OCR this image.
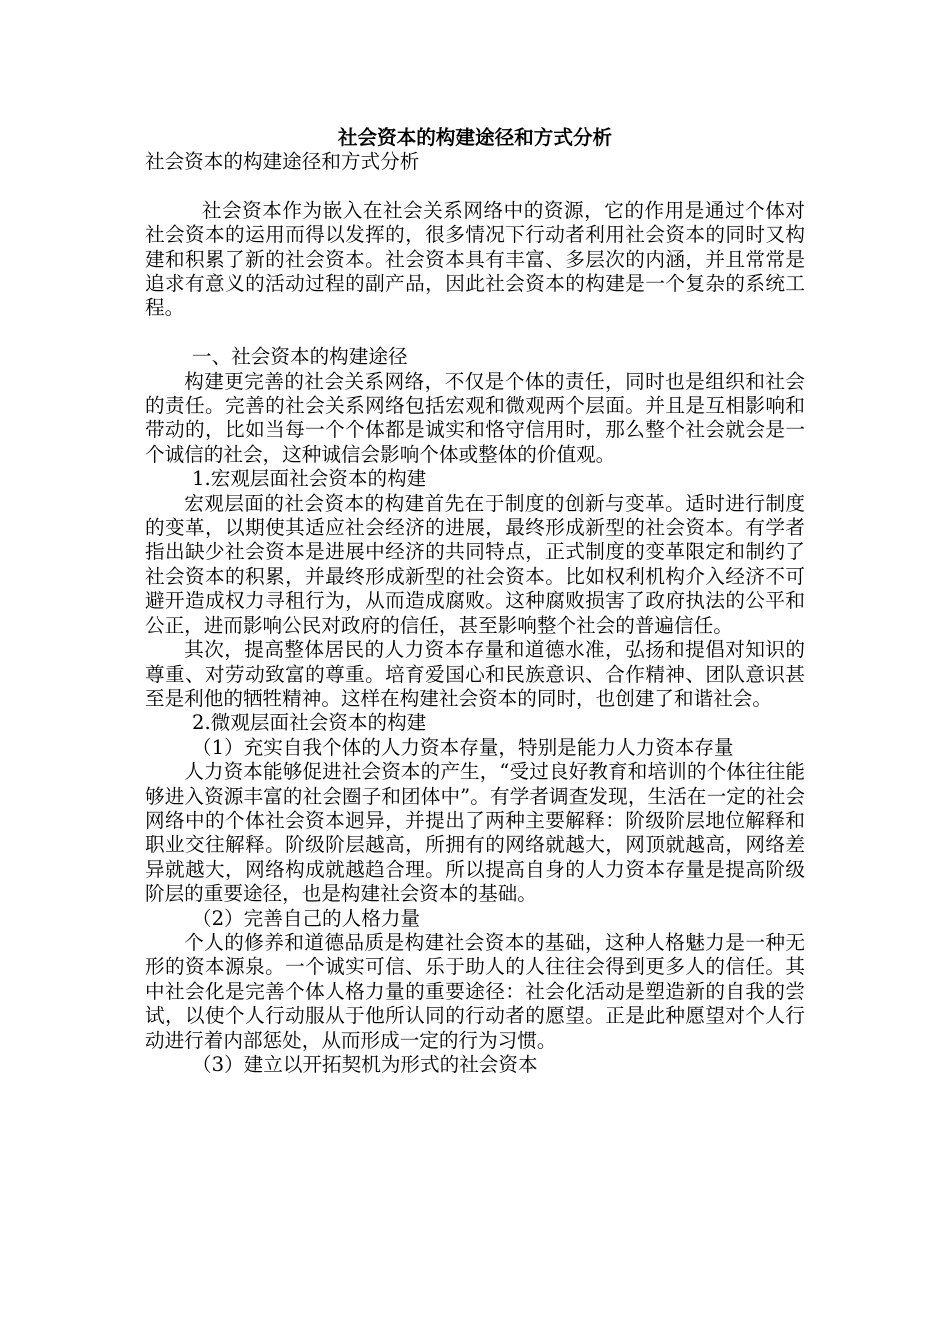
社会资本的构建途径和方式分析

社会资本的构建途径和方式分析

社会资本作为嵌入在社会关系网络中的资源，它的作用是通过个体对社会资本的运用而得以发挥的，很多情况下行动者利用社会资本的同时又构建和积累了新的社会资本。社会资本具有丰富、多层次的内涵，并且常常是追求有意义的活动过程的副产品，因此社会资本的构建是一个复杂的系统工程。

一、社会资本的构建途径

构建更完善的社会关系网络，不仅是个体的责任，同时也是组织和社会的责任。完善的社会关系网络包括宏观和微观两个层面。并且是互相影响和带动的，比如当每一个个体都是诚实和恪守信用时，那么整个社会就会是一个诚信的社会，这种诚信会影响个体或整体的价值观。

1.宏观层面社会资本的构建

宏观层面的社会资本的构建首先在于制度的创新与变革。适时进行制度的变革，以期使其适应社会经济的进展，最终形成新型的社会资本。有学者指出缺少社会资本是进展中经济的共同特点，正式制度的变革限定和制约了社会资本的积累，并最终形成新型的社会资本。比如权利机构介入经济不可避开造成权力寻租行为，从而造成腐败。这种腐败损害了政府执法的公平和公正，进而影响公民对政府的信任，甚至影响整个社会的普遍信任。

其次，提高整体居民的人力资本存量和道德水准，弘扬和提倡对知识的尊重、对劳动致富的尊重。培育爱国心和民族意识、合作精神、团队意识甚至是利他的牺牲精神。这样在构建社会资本的同时，也创建了和谐社会。

2.微观层面社会资本的构建

（1）充实自我个体的人力资本存量，特别是能力人力资本存量

人力资本能够促进社会资本的产生，“受过良好教育和培训的个体往往能够进入资源丰富的社会圈子和团体中”。有学者调查发现，生活在一定的社会网络中的个体社会资本迥异，并提出了两种主要解释：阶级阶层地位解释和职业交往解释。阶级阶层越高，所拥有的网络就越大，网顶就越高，网络差异就越大，网络构成就越趋合理。所以提高自身的人力资本存量是提高阶级阶层的重要途径，也是构建社会资本的基础。

（2）完善自己的人格力量

个人的修养和道德品质是构建社会资本的基础，这种人格魅力是一种无形的资本源泉。一个诚实可信、乐于助人的人往往会得到更多人的信任。其中社会化是完善个体人格力量的重要途径：社会化活动是塑造新的自我的尝试，以使个人行动服从于他所认同的行动者的愿望。正是此种愿望对个人行动进行着内部惩处，从而形成一定的行为习惯。

（3）建立以开拓契机为形式的社会资本
